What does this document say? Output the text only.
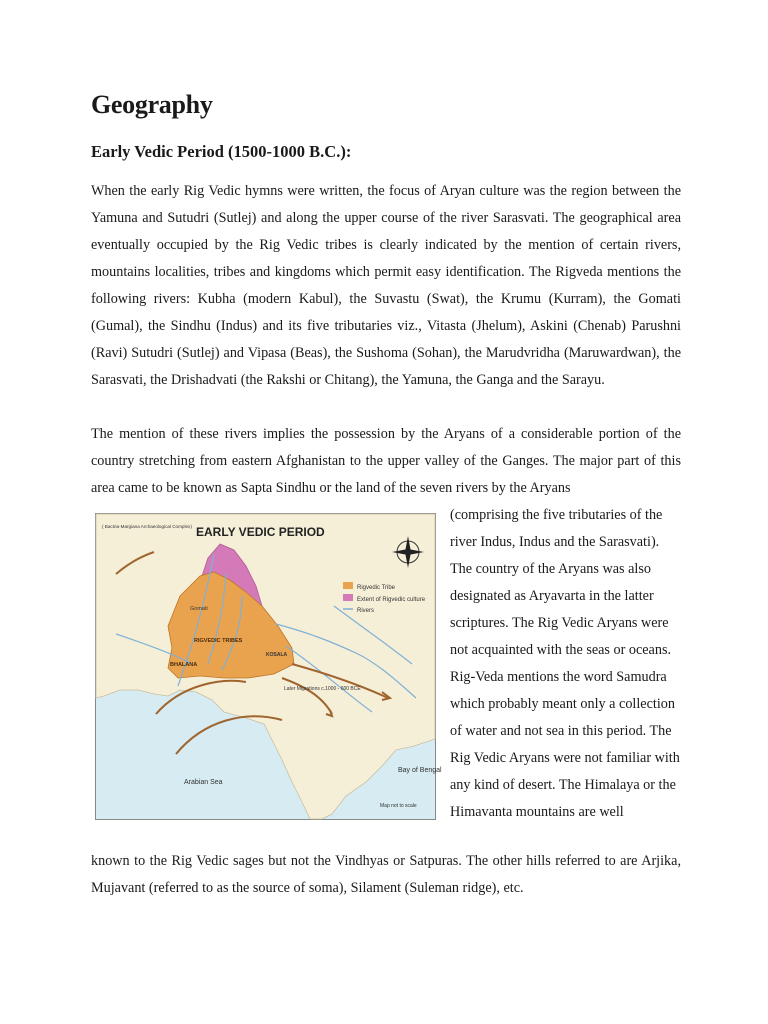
Geography
Early Vedic Period (1500-1000 B.C.):

When the early Rig Vedic hymns were written, the focus of Aryan culture was the region between the Yamuna and Sutudri (Sutlej) and along the upper course of the river Sarasvati. The geographical area eventually occupied by the Rig Vedic tribes is clearly indicated by the mention of certain rivers, mountains localities, tribes and kingdoms which permit easy identification. The Rigveda mentions the following rivers: Kubha (modern Kabul), the Suvastu (Swat), the Krumu (Kurram), the Gomati (Gumal), the Sindhu (Indus) and its five tributaries viz., Vitasta (Jhelum), Askini (Chenab) Parushni (Ravi) Sutudri (Sutlej) and Vipasa (Beas), the Sushoma (Sohan), the Marudvridha (Maruwardwan), the Sarasvati, the Drishadvati (the Rakshi or Chitang), the Yamuna, the Ganga and the Sarayu.

The mention of these rivers implies the possession by the Aryans of a considerable portion of the country stretching from eastern Afghanistan to the upper valley of the Ganges. The major part of this area came to be known as Sapta Sindhu or the land of the seven rivers by the Aryans

Rigvedic Tribe
Extent of Rigvedic culture
Rivers
EARLY VEDIC PERIOD
( Bactria-Margiana Archaeological Complex)
RIGVEDIC TRIBES
BHALANA
Gomati
KOSALA
Arabian Sea
Bay of Bengal
Later Migrations c.1000 - 600 BCE
Map not to scale

(comprising the five tributaries of the river Indus, Indus and the Sarasvati). The country of the Aryans was also designated as Aryavarta in the latter scriptures. The Rig Vedic Aryans were not acquainted with the seas or oceans. Rig-Veda mentions the word Samudra which probably meant only a collection of water and not sea in this period. The Rig Vedic Aryans were not familiar with any kind of desert. The Himalaya or the Himavanta mountains are well

known to the Rig Vedic sages but not the Vindhyas or Satpuras. The other hills referred to are Arjika, Mujavant (referred to as the source of soma), Silament (Suleman ridge), etc.
